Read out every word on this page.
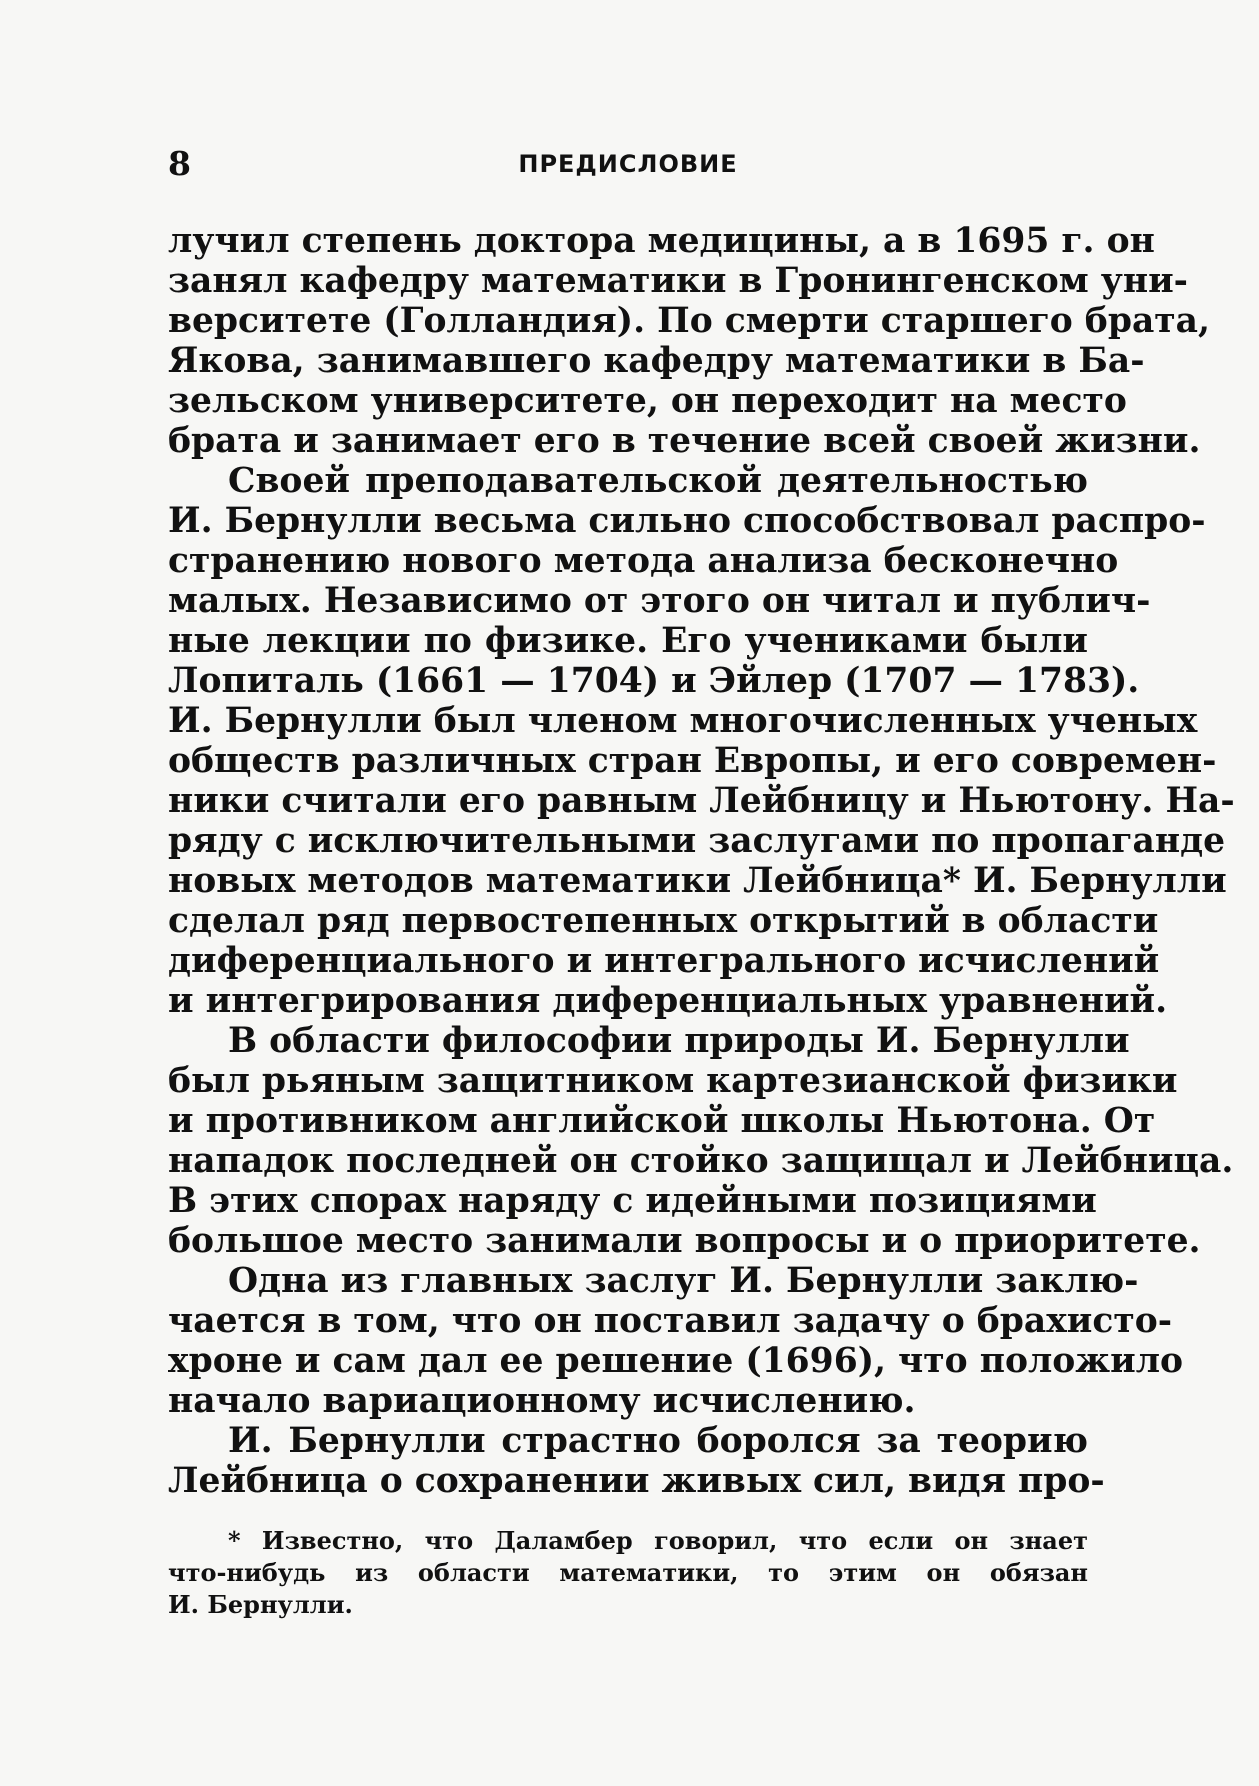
8	ПРЕДИСЛОВИЕ
лучил степень доктора медицины, а в 1695 г. он
занял кафедру математики в Гронингенском уни-
верситете (Голландия). По смерти старшего брата,
Якова, занимавшего кафедру математики в Ба-
зельском университете, он переходит на место
брата и занимает его в течение всей своей жизни.
Своей преподавательской деятельностью
И. Бернулли весьма сильно способствовал распро-
странению нового метода анализа бесконечно
малых. Независимо от этого он читал и публич-
ные лекции по физике. Его учениками были
Лопиталь (1661 — 1704) и Эйлер (1707 — 1783).
И. Бернулли был членом многочисленных ученых
обществ различных стран Европы, и его современ-
ники считали его равным Лейбницу и Ньютону. На-
ряду с исключительными заслугами по пропаганде
новых методов математики Лейбница* И. Бернулли
сделал ряд первостепенных открытий в области
диференциального и интегрального исчислений
и интегрирования диференциальных уравнений.
В области философии природы И. Бернулли
был рьяным защитником картезианской физики
и противником английской школы Ньютона. От
нападок последней он стойко защищал и Лейбница.
В этих спорах наряду с идейными позициями
большое место занимали вопросы и о приоритете.
Одна из главных заслуг И. Бернулли заклю-
чается в том, что он поставил задачу о брахисто-
хроне и сам дал ее решение (1696), что положило
начало вариационному исчислению.
И. Бернулли страстно боролся за теорию
Лейбница о сохранении живых сил, видя про-
* Известно, что Даламбер говорил, что если он знает
что-нибудь из области математики, то этим он обязан
И. Бернулли.
